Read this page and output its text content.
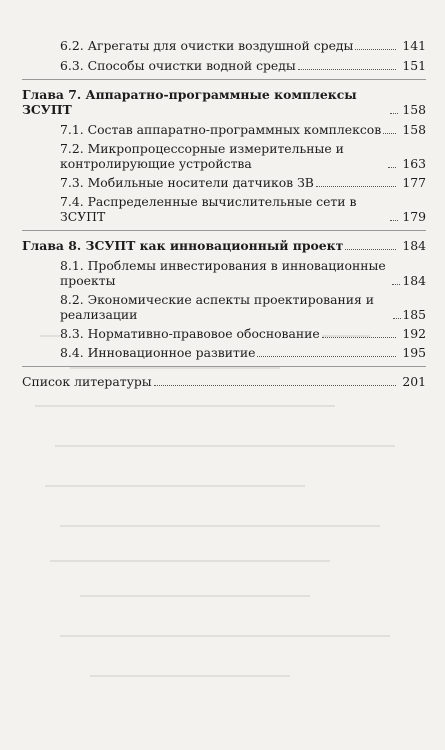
6.2. Агрегаты для очистки воздушной среды	141
6.3. Способы очистки водной среды	151
Глава 7. Аппаратно-программные комплексы ЗСУПТ	158
7.1. Состав аппаратно-программных комплексов	158
7.2. Микропроцессорные измерительные и контролирующие устройства	163
7.3. Мобильные носители датчиков ЗВ	177
7.4. Распределенные вычислительные сети в ЗСУПТ	179
Глава 8. ЗСУПТ как инновационный проект	184
8.1. Проблемы инвестирования в инновационные проекты	184
8.2. Экономические аспекты проектирования и реализации	185
8.3. Нормативно-правовое обоснование	192
8.4. Инновационное развитие	195
Список литературы	201
